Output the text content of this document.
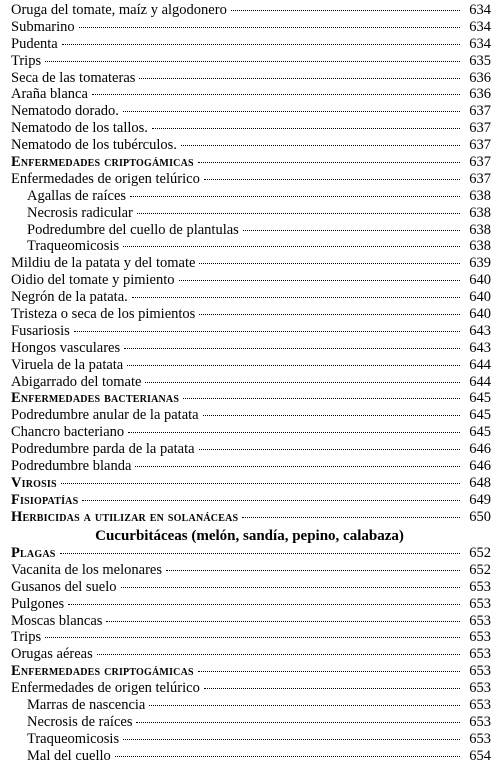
Oruga del tomate, maíz y algodonero	634
Submarino	634
Pudenta	634
Trips	635
Seca de las tomateras	636
Araña blanca	636
Nematodo dorado.	637
Nematodo de los tallos.	637
Nematodo de los tubérculos.	637
Enfermedades criptogámicas	637
Enfermedades de origen telúrico	637
Agallas de raíces	638
Necrosis radicular	638
Podredumbre del cuello de plantulas	638
Traqueomicosis	638
Mildiu de la patata y del tomate	639
Oidio del tomate y pimiento	640
Negrón de la patata.	640
Tristeza o seca de los pimientos	640
Fusariosis	643
Hongos vasculares	643
Viruela de la patata	644
Abigarrado del tomate	644
Enfermedades bacterianas	645
Podredumbre anular de la patata	645
Chancro bacteriano	645
Podredumbre parda de la patata	646
Podredumbre blanda	646
Virosis	648
Fisiopatías	649
Herbicidas a utilizar en solanáceas	650
Cucurbitáceas (melón, sandía, pepino, calabaza)
Plagas	652
Vacanita de los melonares	652
Gusanos del suelo	653
Pulgones	653
Moscas blancas	653
Trips	653
Orugas aéreas	653
Enfermedades criptogámicas	653
Enfermedades de origen telúrico	653
Marras de nascencia	653
Necrosis de raíces	653
Traqueomicosis	653
Mal del cuello	654
